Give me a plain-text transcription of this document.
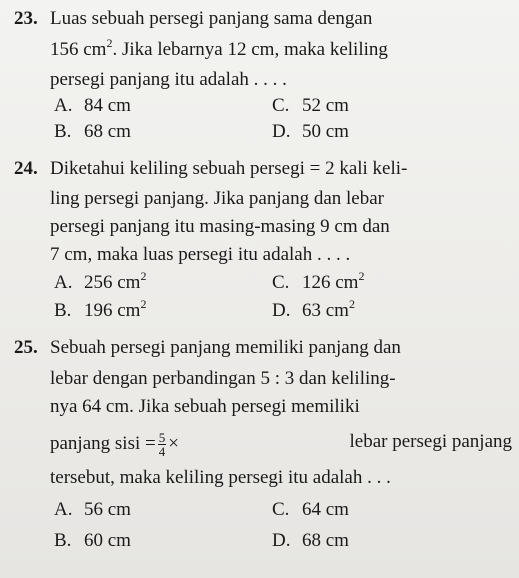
23. Luas sebuah persegi panjang sama dengan
156 $cm^2$. Jika lebarnya 12 cm, maka keliling
persegi panjang itu adalah . . . .
A. 84 cm	C. 52 cm
B. 68 cm	D. 50 cm
24. Diketahui keliling sebuah persegi = 2 kali keli-
ling persegi panjang. Jika panjang dan lebar
persegi panjang itu masing-masing 9 cm dan
7 cm, maka luas persegi itu adalah . . . .
A. 256 $cm^2$	C. 126 $cm^2$
B. 196 $cm^2$	D. 63 $cm^2$
25. Sebuah persegi panjang memiliki panjang dan
lebar dengan perbandingan 5 : 3 dan keliling-
nya 64 cm. Jika sebuah persegi memiliki
panjang sisi = $\frac{5}{4}$ ×	lebar persegi panjang
tersebut, maka keliling persegi itu adalah . . .
A. 56 cm	C. 64 cm
B. 60 cm	D. 68 cm
